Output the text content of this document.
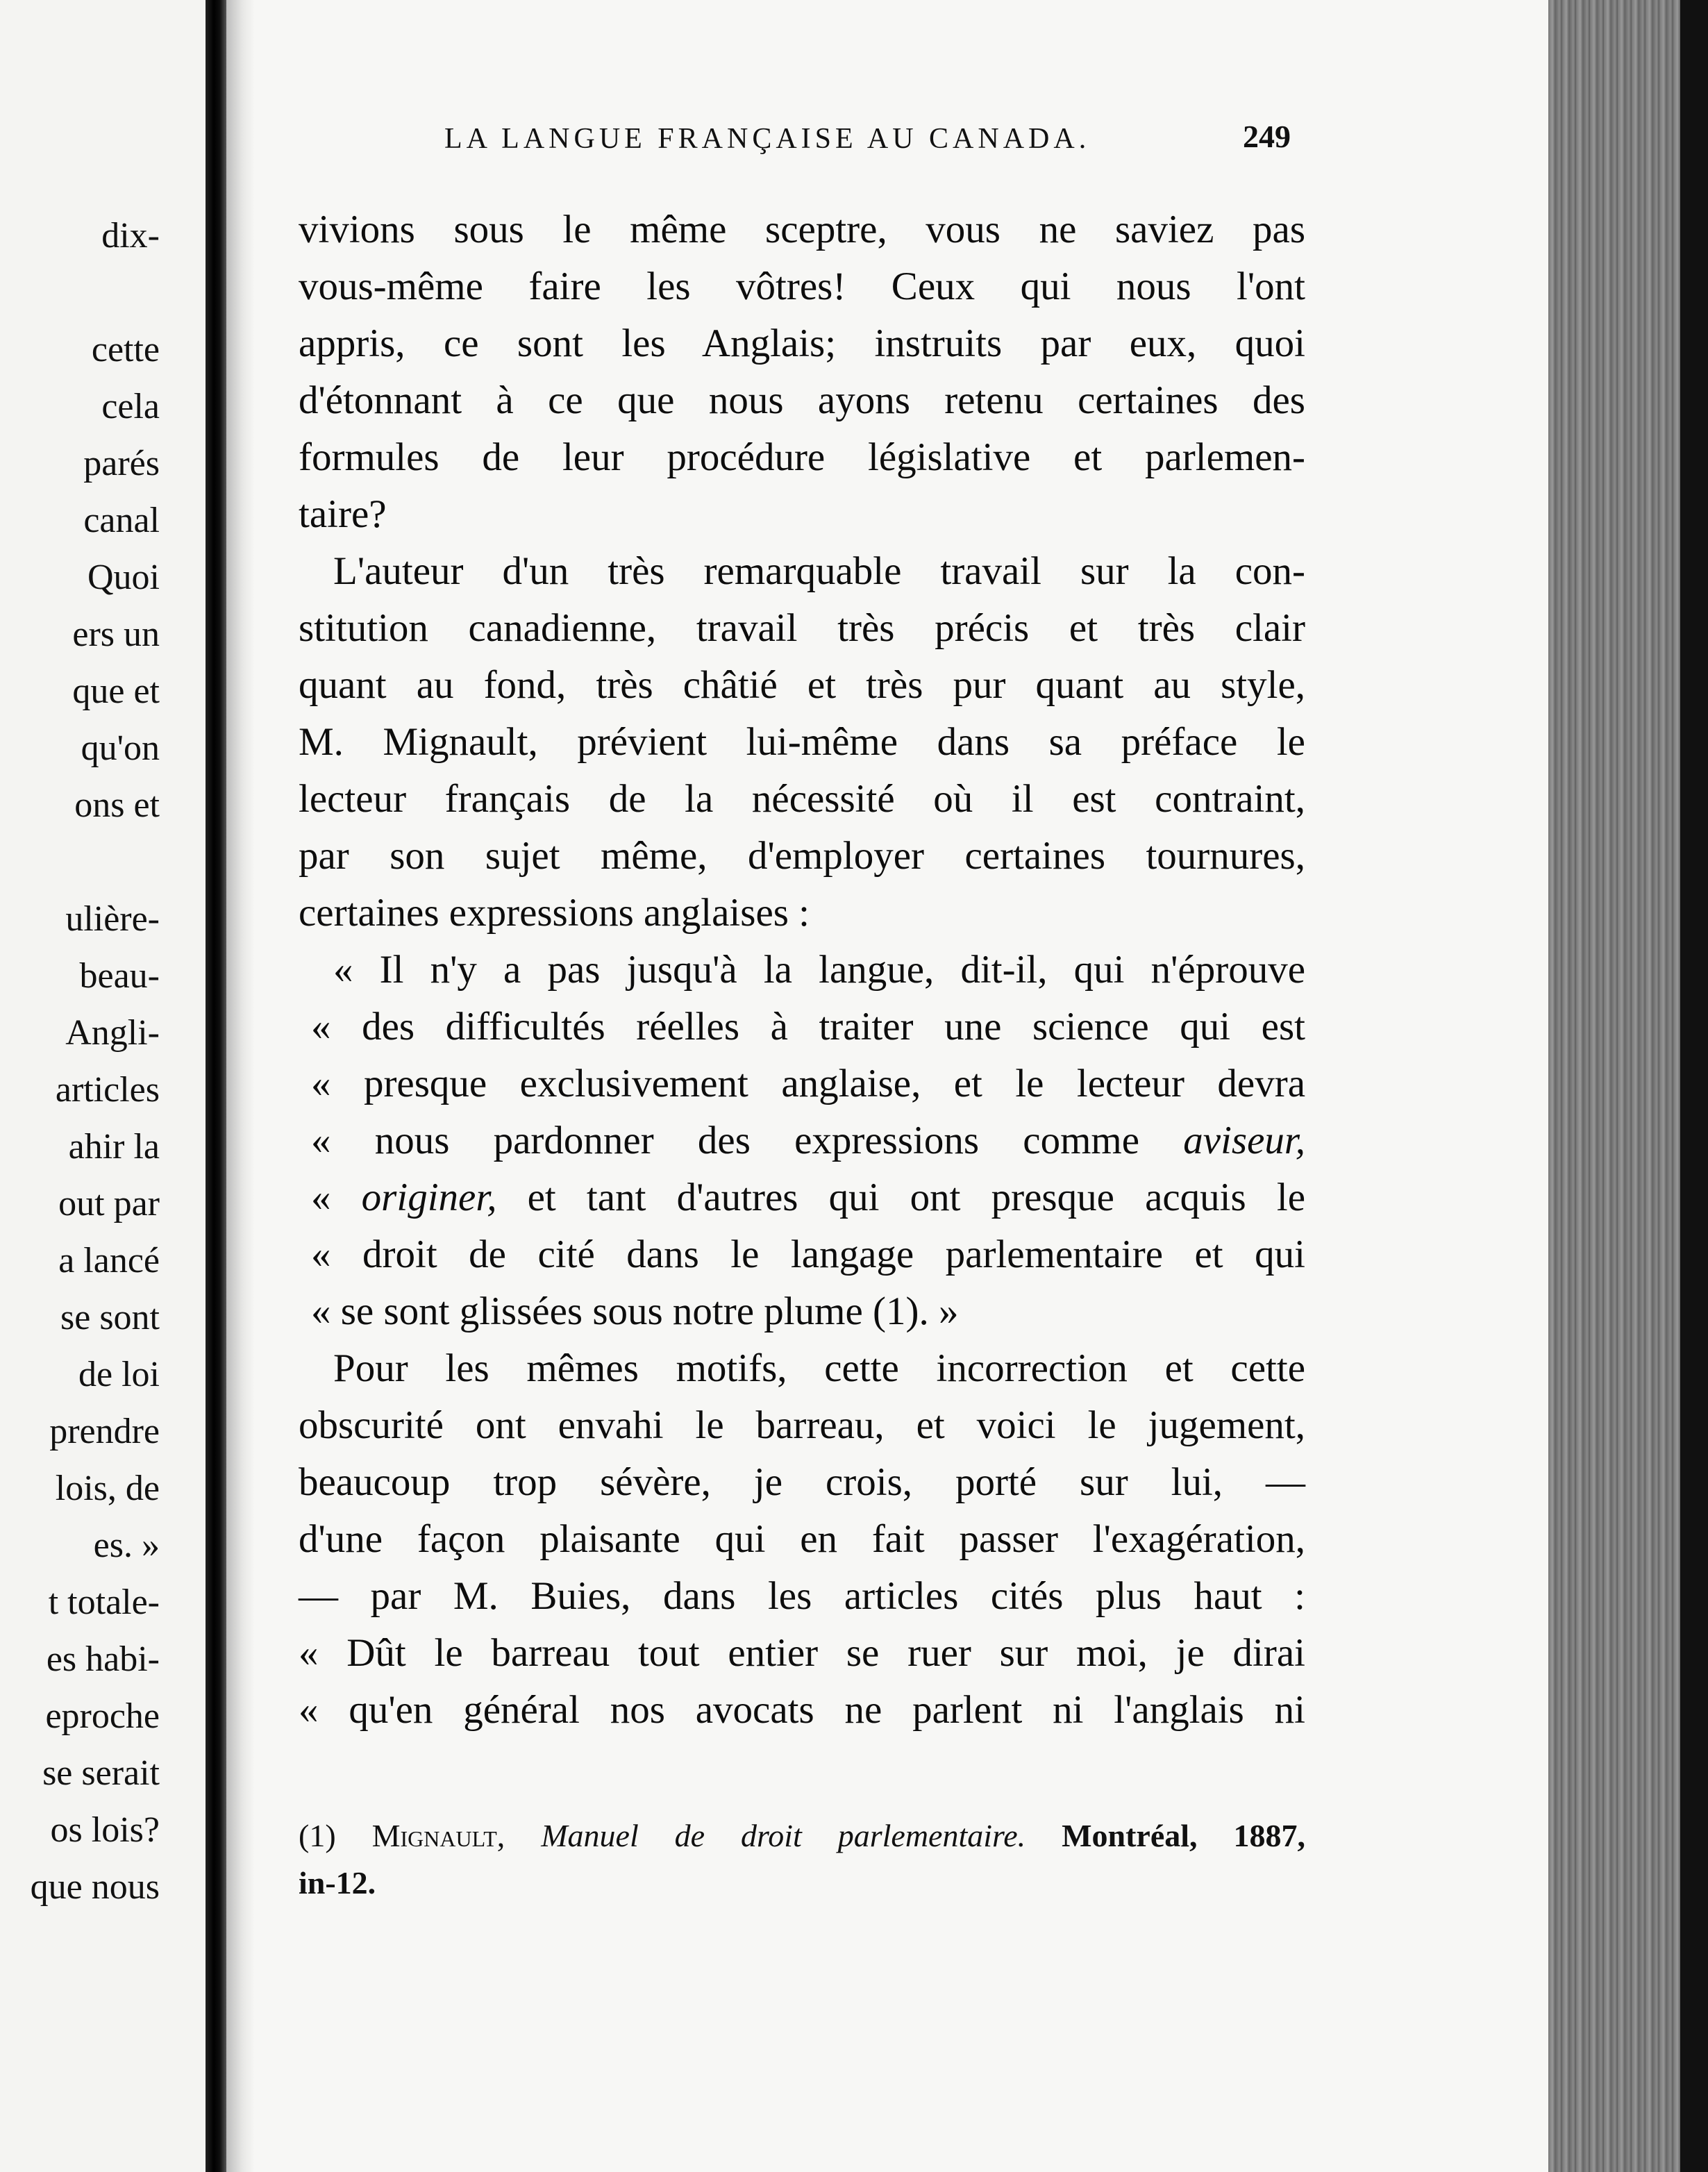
dix-
cette
cela
parés
canal
Quoi
ers un
que et
qu'on
ons et
ulière-
beau-
Angli-
articles
ahir la
out par
a lancé
se sont
de loi
prendre
lois, de
es. »
t totale-
es habi-
eproche
se serait
os lois?
que nous
LA LANGUE FRANÇAISE AU CANADA.	249
vivions sous le même sceptre, vous ne saviez pas
vous-même faire les vôtres! Ceux qui nous l'ont
appris, ce sont les Anglais; instruits par eux, quoi
d'étonnant à ce que nous ayons retenu certaines des
formules de leur procédure législative et parlemen-
taire?
L'auteur d'un très remarquable travail sur la con-
stitution canadienne, travail très précis et très clair
quant au fond, très châtié et très pur quant au style,
M. Mignault, prévient lui-même dans sa préface le
lecteur français de la nécessité où il est contraint,
par son sujet même, d'employer certaines tournures,
certaines expressions anglaises :
« Il n'y a pas jusqu'à la langue, dit-il, qui n'éprouve
« des difficultés réelles à traiter une science qui est
« presque exclusivement anglaise, et le lecteur devra
« nous pardonner des expressions comme aviseur,
« originer, et tant d'autres qui ont presque acquis le
« droit de cité dans le langage parlementaire et qui
« se sont glissées sous notre plume (1). »
Pour les mêmes motifs, cette incorrection et cette
obscurité ont envahi le barreau, et voici le jugement,
beaucoup trop sévère, je crois, porté sur lui, —
d'une façon plaisante qui en fait passer l'exagération,
— par M. Buies, dans les articles cités plus haut :
« Dût le barreau tout entier se ruer sur moi, je dirai
« qu'en général nos avocats ne parlent ni l'anglais ni
(1) Mignault, Manuel de droit parlementaire. Montréal, 1887,
in-12.
